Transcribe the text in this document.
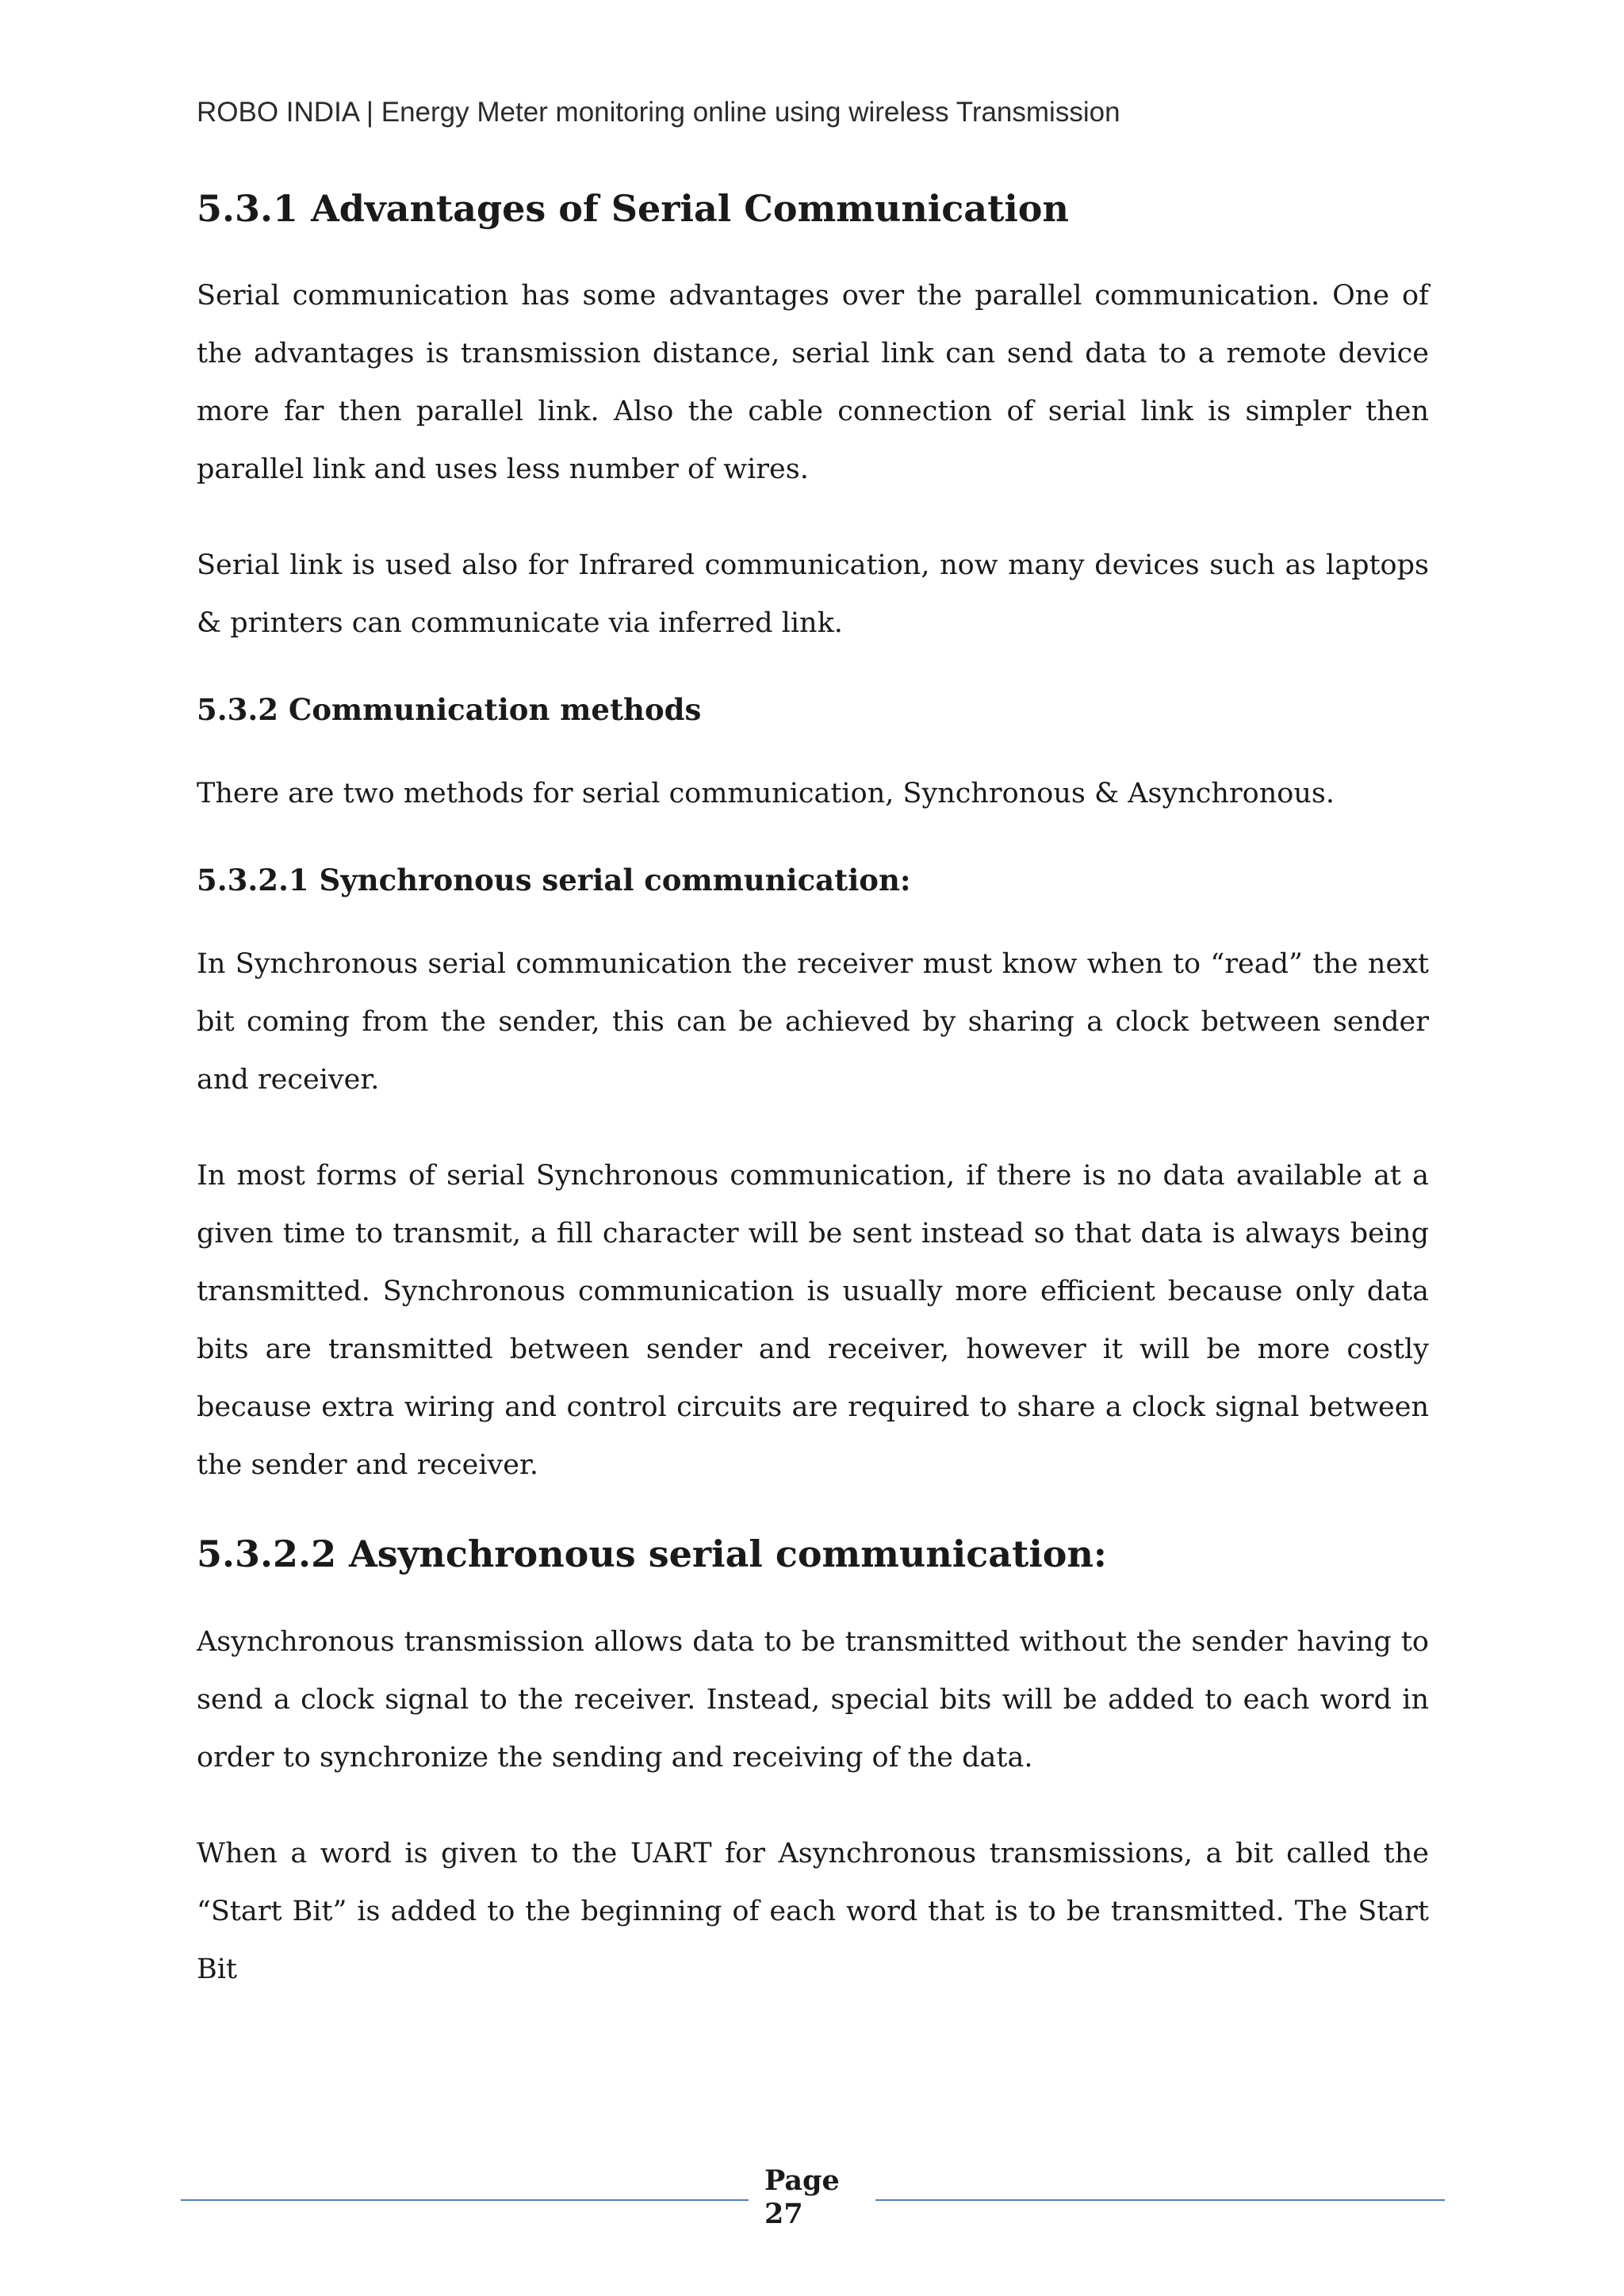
ROBO INDIA | Energy Meter monitoring online using wireless Transmission
5.3.1 Advantages of Serial Communication

Serial communication has some advantages over the parallel communication. One of the advantages is transmission distance, serial link can send data to a remote device more far then parallel link. Also the cable connection of serial link is simpler then parallel link and uses less number of wires.

Serial link is used also for Infrared communication, now many devices such as laptops & printers can communicate via inferred link.

5.3.2 Communication methods

There are two methods for serial communication, Synchronous & Asynchronous.

5.3.2.1 Synchronous serial communication:

In Synchronous serial communication the receiver must know when to “read” the next bit coming from the sender, this can be achieved by sharing a clock between sender and receiver.

In most forms of serial Synchronous communication, if there is no data available at a given time to transmit, a fill character will be sent instead so that data is always being transmitted. Synchronous communication is usually more efficient because only data bits are transmitted between sender and receiver, however it will be more costly because extra wiring and control circuits are required to share a clock signal between the sender and receiver.

5.3.2.2 Asynchronous serial communication:

Asynchronous transmission allows data to be transmitted without the sender having to send a clock signal to the receiver. Instead, special bits will be added to each word in order to synchronize the sending and receiving of the data.

When a word is given to the UART for Asynchronous transmissions, a bit called the “Start Bit” is added to the beginning of each word that is to be transmitted. The Start Bit

Page
27
